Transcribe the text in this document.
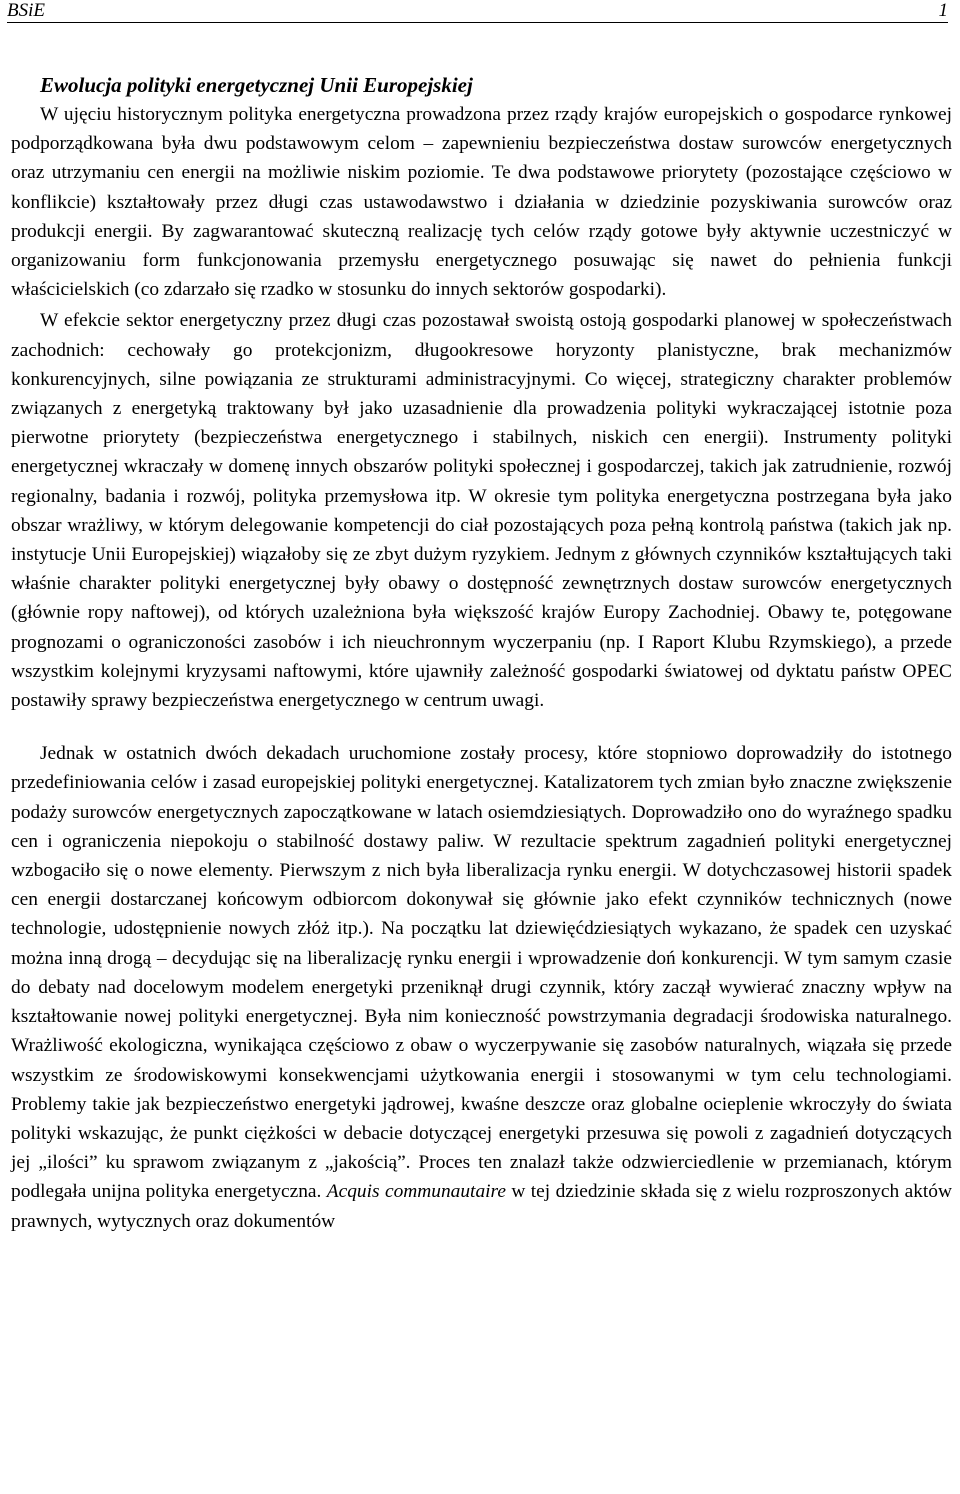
BSiE	1
Ewolucja polityki energetycznej Unii Europejskiej

W ujęciu historycznym polityka energetyczna prowadzona przez rządy krajów europejskich o gospodarce rynkowej podporządkowana była dwu podstawowym celom – zapewnieniu bezpieczeństwa dostaw surowców energetycznych oraz utrzymaniu cen energii na możliwie niskim poziomie. Te dwa podstawowe priorytety (pozostające częściowo w konflikcie) kształtowały przez długi czas ustawodawstwo i działania w dziedzinie pozyskiwania surowców oraz produkcji energii. By zagwarantować skuteczną realizację tych celów rządy gotowe były aktywnie uczestniczyć w organizowaniu form funkcjonowania przemysłu energetycznego posuwając się nawet do pełnienia funkcji właścicielskich (co zdarzało się rzadko w stosunku do innych sektorów gospodarki).

W efekcie sektor energetyczny przez długi czas pozostawał swoistą ostoją gospodarki planowej w społeczeństwach zachodnich: cechowały go protekcjonizm, długookresowe horyzonty planistyczne, brak mechanizmów konkurencyjnych, silne powiązania ze strukturami administracyjnymi. Co więcej, strategiczny charakter problemów związanych z energetyką traktowany był jako uzasadnienie dla prowadzenia polityki wykraczającej istotnie poza pierwotne priorytety (bezpieczeństwa energetycznego i stabilnych, niskich cen energii). Instrumenty polityki energetycznej wkraczały w domenę innych obszarów polityki społecznej i gospodarczej, takich jak zatrudnienie, rozwój regionalny, badania i rozwój, polityka przemysłowa itp. W okresie tym polityka energetyczna postrzegana była jako obszar wrażliwy, w którym delegowanie kompetencji do ciał pozostających poza pełną kontrolą państwa (takich jak np. instytucje Unii Europejskiej) wiązałoby się ze zbyt dużym ryzykiem. Jednym z głównych czynników kształtujących taki właśnie charakter polityki energetycznej były obawy o dostępność zewnętrznych dostaw surowców energetycznych (głównie ropy naftowej), od których uzależniona była większość krajów Europy Zachodniej. Obawy te, potęgowane prognozami o ograniczoności zasobów i ich nieuchronnym wyczerpaniu (np. I Raport Klubu Rzymskiego), a przede wszystkim kolejnymi kryzysami naftowymi, które ujawniły zależność gospodarki światowej od dyktatu państw OPEC postawiły sprawy bezpieczeństwa energetycznego w centrum uwagi.

Jednak w ostatnich dwóch dekadach uruchomione zostały procesy, które stopniowo doprowadziły do istotnego przedefiniowania celów i zasad europejskiej polityki energetycznej. Katalizatorem tych zmian było znaczne zwiększenie podaży surowców energetycznych zapoczątkowane w latach osiemdziesiątych. Doprowadziło ono do wyraźnego spadku cen i ograniczenia niepokoju o stabilność dostawy paliw. W rezultacie spektrum zagadnień polityki energetycznej wzbogaciło się o nowe elementy. Pierwszym z nich była liberalizacja rynku energii. W dotychczasowej historii spadek cen energii dostarczanej końcowym odbiorcom dokonywał się głównie jako efekt czynników technicznych (nowe technologie, udostępnienie nowych złóż itp.). Na początku lat dziewięćdziesiątych wykazano, że spadek cen uzyskać można inną drogą – decydując się na liberalizację rynku energii i wprowadzenie doń konkurencji. W tym samym czasie do debaty nad docelowym modelem energetyki przeniknął drugi czynnik, który zaczął wywierać znaczny wpływ na kształtowanie nowej polityki energetycznej. Była nim konieczność powstrzymania degradacji środowiska naturalnego. Wrażliwość ekologiczna, wynikająca częściowo z obaw o wyczerpywanie się zasobów naturalnych, wiązała się przede wszystkim ze środowiskowymi konsekwencjami użytkowania energii i stosowanymi w tym celu technologiami. Problemy takie jak bezpieczeństwo energetyki jądrowej, kwaśne deszcze oraz globalne ocieplenie wkroczyły do świata polityki wskazując, że punkt ciężkości w debacie dotyczącej energetyki przesuwa się powoli z zagadnień dotyczących jej „ilości” ku sprawom związanym z „jakością”. Proces ten znalazł także odzwierciedlenie w przemianach, którym podlegała unijna polityka energetyczna. Acquis communautaire w tej dziedzinie składa się z wielu rozproszonych aktów prawnych, wytycznych oraz dokumentów
